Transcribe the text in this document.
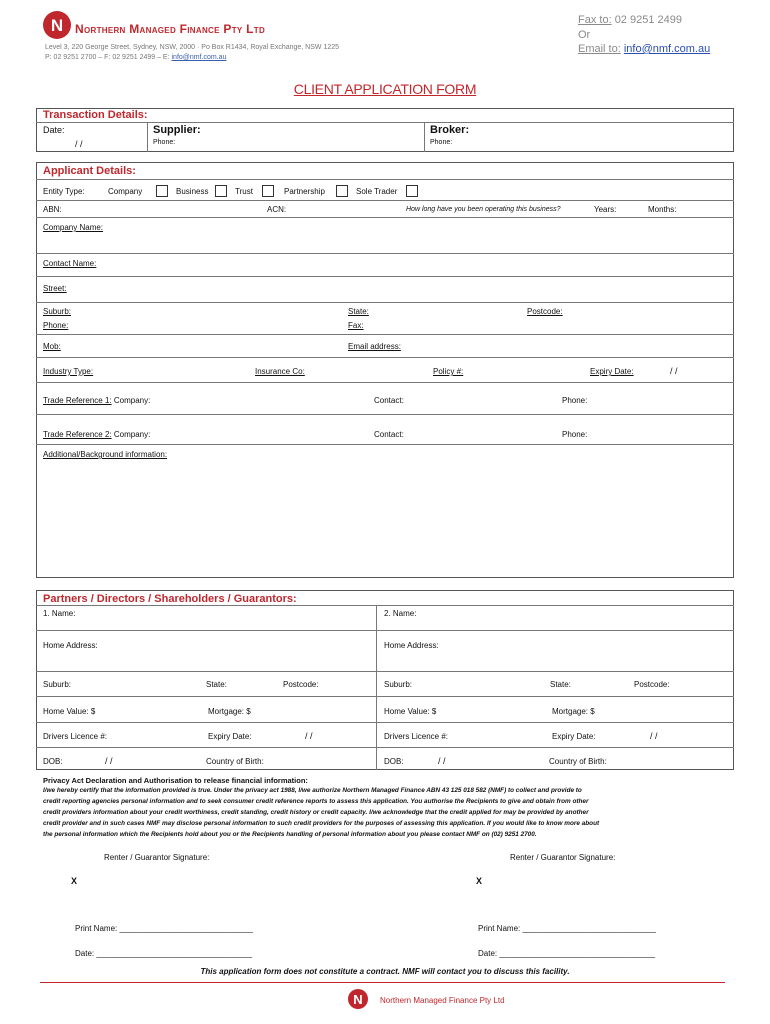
N Northern Managed Finance Pty Ltd
Level 3, 220 George Street, Sydney, NSW, 2000 · Po Box R1434, Royal Exchange, NSW 1225
P: 02 9251 2700 – F: 02 9251 2499 – E: info@nmf.com.au
Fax to: 02 9251 2499
Or
Email to: info@nmf.com.au
CLIENT APPLICATION FORM
Transaction Details:
Date:
/ /
Supplier:
Phone:
Broker:
Phone:
Applicant Details:
Entity Type:	Company	Business	Trust	Partnership	Sole Trader
ABN:	ACN:	How long have you been operating this business?	Years:	Months:
Company Name:
Contact Name:
Street:
Suburb:	State:	Postcode:
Phone:	Fax:
Mob:	Email address:
Industry Type:	Insurance Co:	Policy #:	Expiry Date:	/ /
Trade Reference 1: Company:	Contact:	Phone:
Trade Reference 2: Company:	Contact:	Phone:
Additional/Background information:
Partners / Directors / Shareholders / Guarantors:
1. Name:	2. Name:
Home Address:	Home Address:
Suburb:	State:	Postcode:	Suburb:	State:	Postcode:
Home Value: $	Mortgage: $	Home Value: $	Mortgage: $
Drivers Licence #:	Expiry Date:	/ /	Drivers Licence #:	Expiry Date:	/ /
DOB:	/ /	Country of Birth:	DOB:	/ /	Country of Birth:
Privacy Act Declaration and Authorisation to release financial information:
I/we hereby certify that the information provided is true. Under the privacy act 1988, I/we authorize Northern Managed Finance ABN 43 125 018 582 (NMF) to collect and provide to
credit reporting agencies personal information and to seek consumer credit reference reports to assess this application. You authorise the Recipients to give and obtain from other
credit providers information about your credit worthiness, credit standing, credit history or credit capacity. I/we acknowledge that the credit applied for may be provided by another
credit provider and in such cases NMF may disclose personal information to such credit providers for the purposes of assessing this application. If you would like to know more about
the personal information which the Recipients hold about you or the Recipients handling of personal information about you please contact NMF on (02) 9251 2700.
Renter / Guarantor Signature:	Renter / Guarantor Signature:
X	X
Print Name: ______________________________	Print Name: ______________________________
Date: ___________________________________	Date: ___________________________________
This application form does not constitute a contract. NMF will contact you to discuss this facility.
N Northern Managed Finance Pty Ltd
